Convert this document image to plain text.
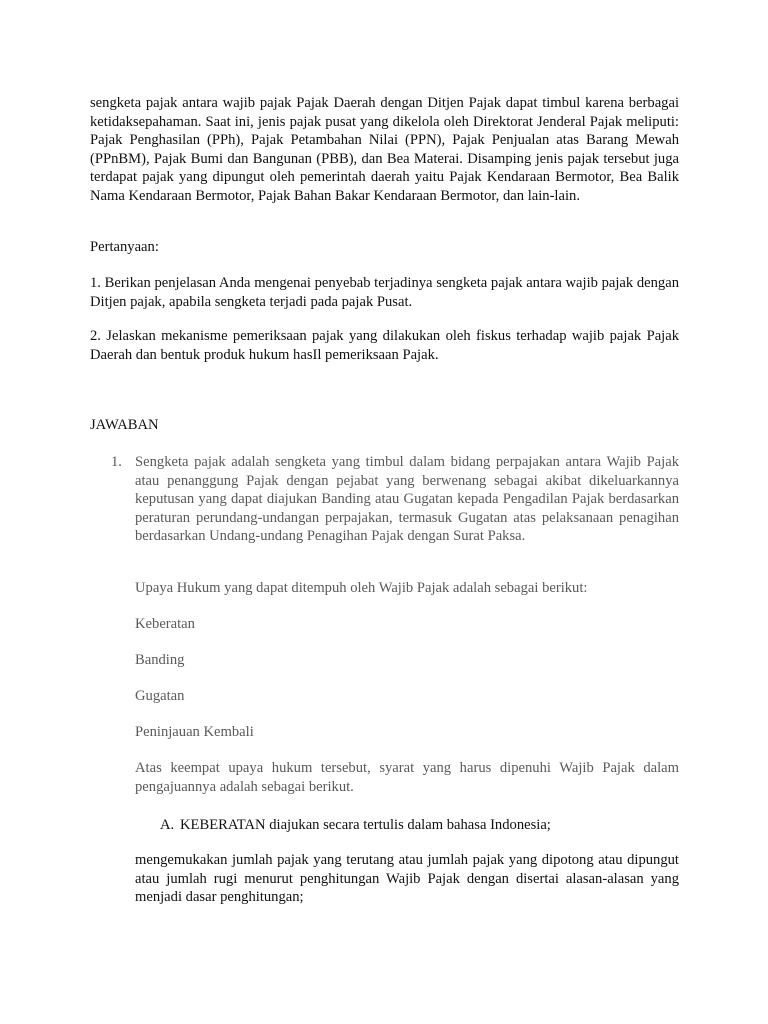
sengketa pajak antara wajib pajak Pajak Daerah dengan Ditjen Pajak dapat timbul karena berbagai ketidaksepahaman. Saat ini, jenis pajak pusat yang dikelola oleh Direktorat Jenderal Pajak meliputi: Pajak Penghasilan (PPh), Pajak Petambahan Nilai (PPN), Pajak Penjualan atas Barang Mewah (PPnBM), Pajak Bumi dan Bangunan (PBB), dan Bea Materai. Disamping jenis pajak tersebut juga terdapat pajak yang dipungut oleh pemerintah daerah yaitu Pajak Kendaraan Bermotor, Bea Balik Nama Kendaraan Bermotor, Pajak Bahan Bakar Kendaraan Bermotor, dan lain-lain.

Pertanyaan:

1. Berikan penjelasan Anda mengenai penyebab terjadinya sengketa pajak antara wajib pajak dengan Ditjen pajak, apabila sengketa terjadi pada pajak Pusat.

2. Jelaskan mekanisme pemeriksaan pajak yang dilakukan oleh fiskus terhadap wajib pajak Pajak Daerah dan bentuk produk hukum hasIl pemeriksaan Pajak.

JAWABAN

1. Sengketa pajak adalah sengketa yang timbul dalam bidang perpajakan antara Wajib Pajak atau penanggung Pajak dengan pejabat yang berwenang sebagai akibat dikeluarkannya keputusan yang dapat diajukan Banding atau Gugatan kepada Pengadilan Pajak berdasarkan peraturan perundang-undangan perpajakan, termasuk Gugatan atas pelaksanaan penagihan berdasarkan Undang-undang Penagihan Pajak dengan Surat Paksa.

Upaya Hukum yang dapat ditempuh oleh Wajib Pajak adalah sebagai berikut:

Keberatan

Banding

Gugatan

Peninjauan Kembali

Atas keempat upaya hukum tersebut, syarat yang harus dipenuhi Wajib Pajak dalam pengajuannya adalah sebagai berikut.

A. KEBERATAN diajukan secara tertulis dalam bahasa Indonesia;

mengemukakan jumlah pajak yang terutang atau jumlah pajak yang dipotong atau dipungut atau jumlah rugi menurut penghitungan Wajib Pajak dengan disertai alasan-alasan yang menjadi dasar penghitungan;
